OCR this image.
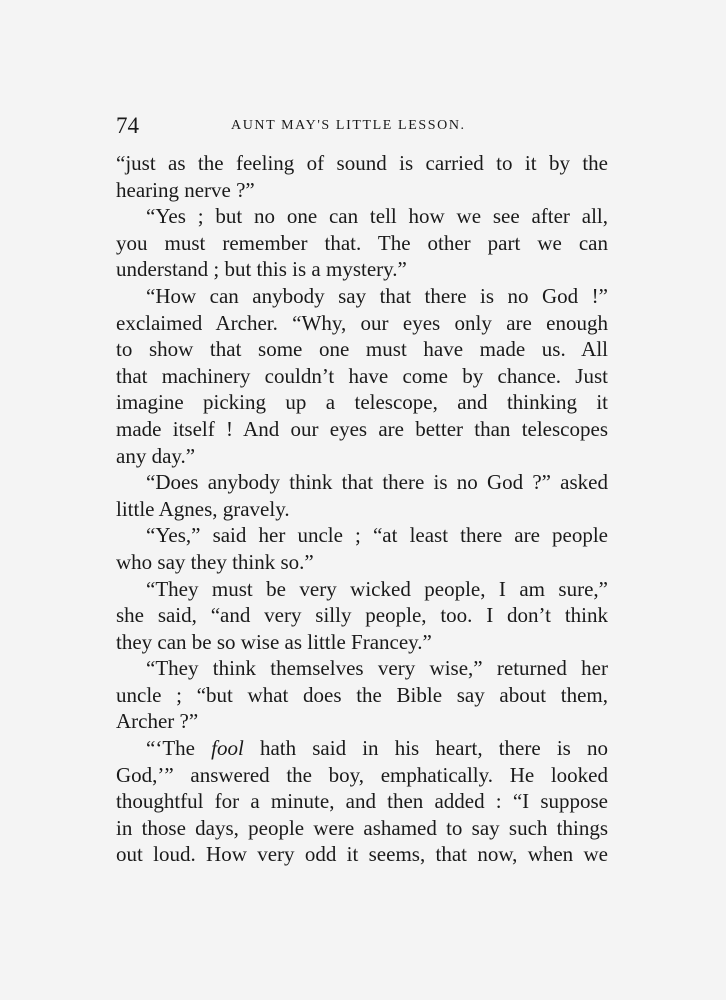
74	AUNT MAY'S LITTLE LESSON.
“just as the feeling of sound is carried to it by the
hearing nerve ?”
“Yes ; but no one can tell how we see after all,
you must remember that. The other part we can
understand ; but this is a mystery.”
“How can anybody say that there is no God !”
exclaimed Archer. “Why, our eyes only are enough
to show that some one must have made us. All
that machinery couldn’t have come by chance. Just
imagine picking up a telescope, and thinking it
made itself ! And our eyes are better than telescopes
any day.”
“Does anybody think that there is no God ?” asked
little Agnes, gravely.
“Yes,” said her uncle ; “at least there are people
who say they think so.”
“They must be very wicked people, I am sure,”
she said, “and very silly people, too. I don’t think
they can be so wise as little Francey.”
“They think themselves very wise,” returned her
uncle ; “but what does the Bible say about them,
Archer ?”
“‘The fool hath said in his heart, there is no
God,’” answered the boy, emphatically. He looked
thoughtful for a minute, and then added : “I suppose
in those days, people were ashamed to say such things
out loud. How very odd it seems, that now, when we
